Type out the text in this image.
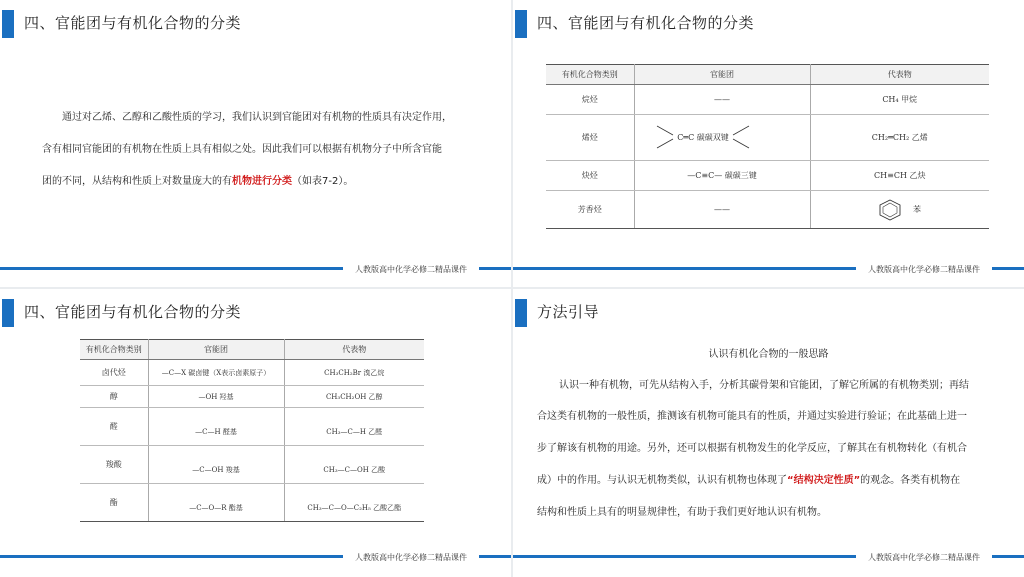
四、官能团与有机化合物的分类
通过对乙烯、乙醇和乙酸性质的学习，我们认识到官能团对有机物的性质具有决定作用，
含有相同官能团的有机物在性质上具有相似之处。因此我们可以根据有机物分子中所含官能
团的不同，从结构和性质上对数量庞大的有机物进行分类（如表7-2）。
人教版高中化学必修二精品课件
四、官能团与有机化合物的分类
有机化合物类别	官能团	代表物
烷烃	——	CH₄ 甲烷
烯烃	C═C 碳碳双键	CH₂═CH₂ 乙烯
炔烃	—C≡C— 碳碳三键	CH≡CH 乙炔
芳香烃	——	苯
人教版高中化学必修二精品课件
四、官能团与有机化合物的分类
有机化合物类别	官能团	代表物
卤代烃	—C—X 碳卤键（X表示卤素原子）	CH₃CH₂Br 溴乙烷
醇	—OH 羟基	CH₃CH₂OH 乙醇
醛	—C—H 醛基	CH₃—C—H 乙醛
羧酸	—C—OH 羧基	CH₃—C—OH 乙酸
酯	—C—O—R 酯基	CH₃—C—O—C₂H₅ 乙酸乙酯
人教版高中化学必修二精品课件
方法引导
认识有机化合物的一般思路
认识一种有机物，可先从结构入手，分析其碳骨架和官能团，了解它所属的有机物类别；再结
合这类有机物的一般性质，推测该有机物可能具有的性质，并通过实验进行验证；在此基础上进一
步了解该有机物的用途。另外，还可以根据有机物发生的化学反应，了解其在有机物转化（有机合
成）中的作用。与认识无机物类似，认识有机物也体现了“结构决定性质”的观念。各类有机物在
结构和性质上具有的明显规律性，有助于我们更好地认识有机物。
人教版高中化学必修二精品课件
